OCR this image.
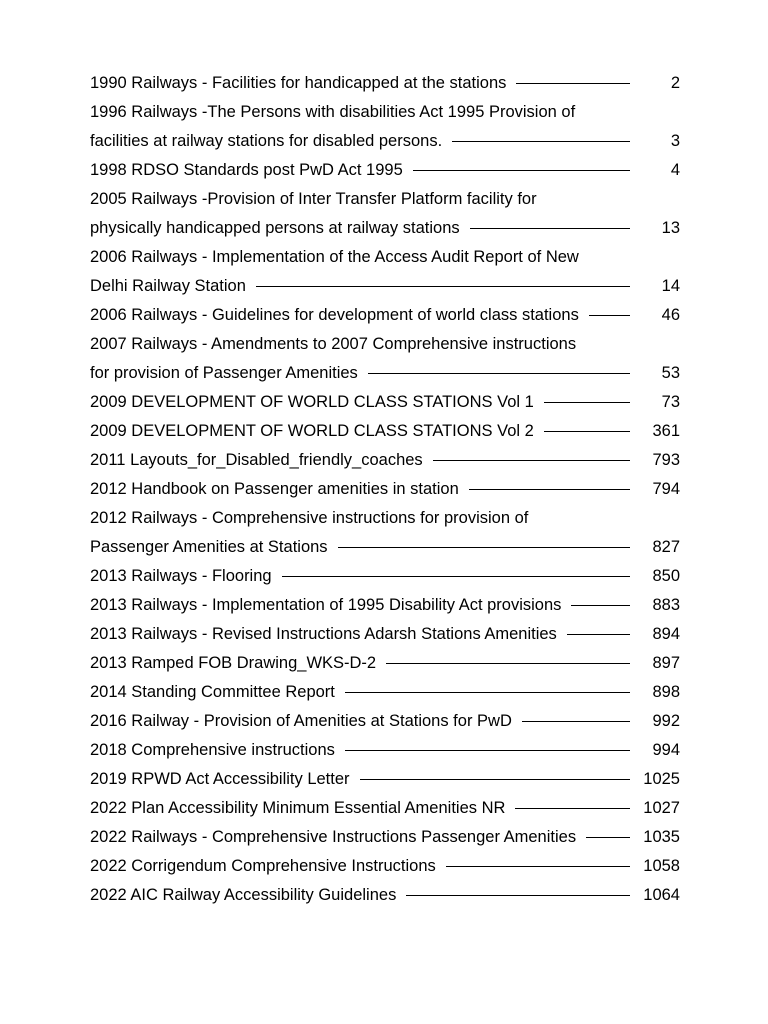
1990 Railways - Facilities for handicapped at the stations	2
1996 Railways -The Persons with disabilities Act 1995 Provision of
facilities at railway stations for disabled persons.	3
1998 RDSO Standards post PwD Act 1995	4
2005 Railways -Provision of Inter Transfer Platform facility for
physically handicapped persons at railway stations	13
2006 Railways - Implementation of the Access Audit Report of New
Delhi Railway Station	14
2006 Railways - Guidelines for development of world class stations	46
2007 Railways - Amendments to 2007 Comprehensive instructions
for provision of Passenger Amenities	53
2009 DEVELOPMENT OF WORLD CLASS STATIONS Vol 1	73
2009 DEVELOPMENT OF WORLD CLASS STATIONS Vol 2	361
2011 Layouts_for_Disabled_friendly_coaches	793
2012 Handbook on Passenger amenities in station	794
2012 Railways - Comprehensive instructions for provision of
Passenger Amenities at Stations	827
2013 Railways - Flooring	850
2013 Railways - Implementation of 1995 Disability Act provisions	883
2013 Railways - Revised Instructions Adarsh Stations Amenities	894
2013 Ramped FOB Drawing_WKS-D-2	897
2014 Standing Committee Report	898
2016 Railway - Provision of Amenities at Stations for PwD	992
2018 Comprehensive instructions	994
2019 RPWD Act Accessibility Letter	1025
2022 Plan Accessibility Minimum Essential Amenities NR	1027
2022 Railways - Comprehensive Instructions Passenger Amenities	1035
2022 Corrigendum Comprehensive Instructions	1058
2022 AIC Railway Accessibility Guidelines	1064
